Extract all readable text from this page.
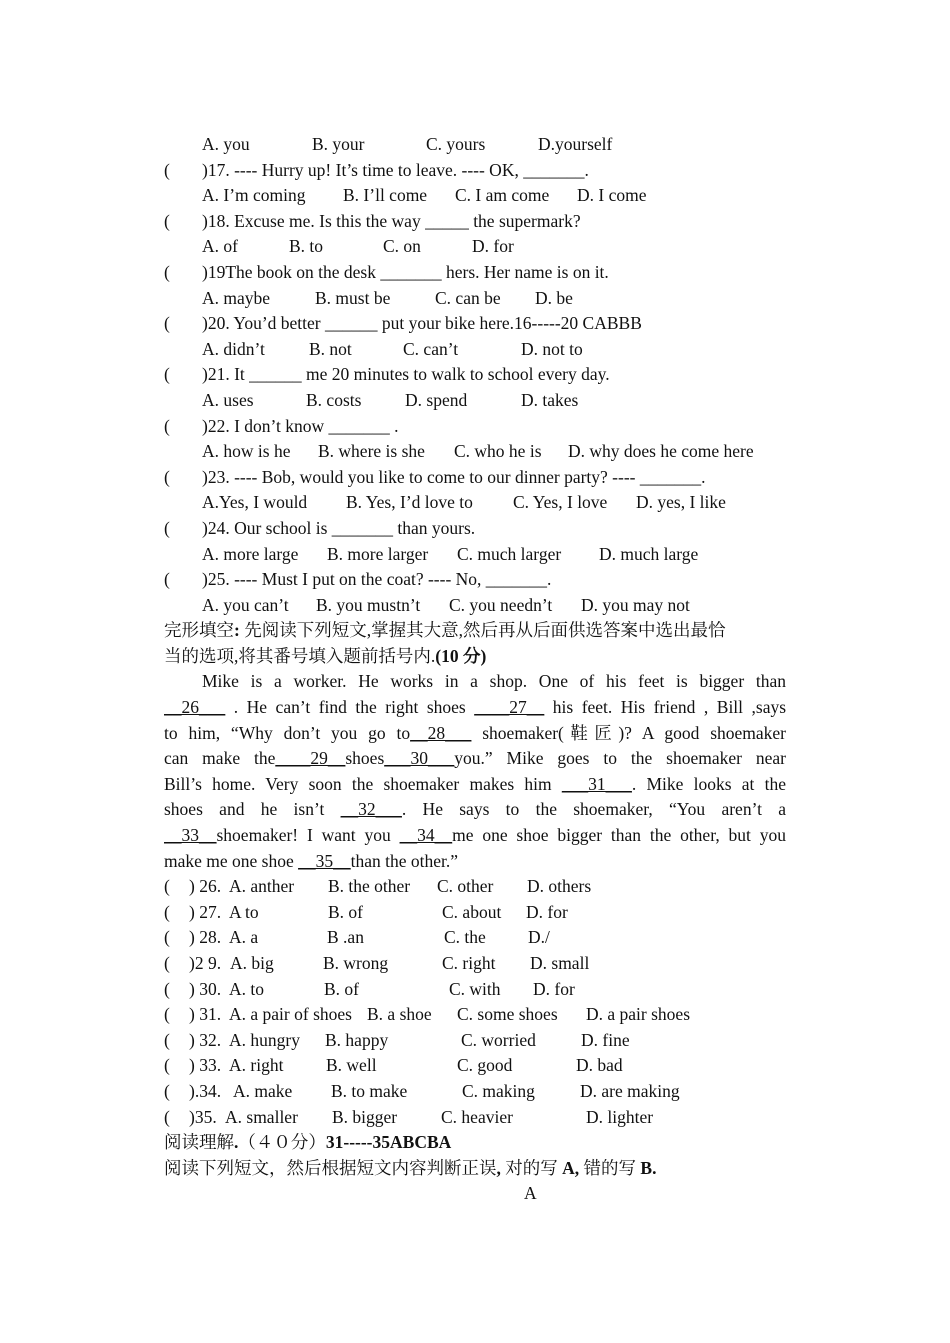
A. you	B. your	C. yours	D.yourself
( )17. ---- Hurry up! It’s time to leave. ---- OK, _______.
A. I’m coming B. I’ll come C. I am come D. I come
( )18. Excuse me. Is this the way _____ the supermark?
A. of	B. to	C. on	D. for
( )19The book on the desk _______ hers. Her name is on it.
A. maybe	B. must be	C. can be D. be
( )20. You’d better ______ put your bike here.16-----20 CABBB
A. didn’t	B. not	C. can’t	D. not to
( )21. It ______ me 20 minutes to walk to school every day.
A. uses	B. costs D. spend	D. takes
( )22. I don’t know _______ .
A. how is he B. where is she C. who he is D. why does he come here
( )23. ---- Bob, would you like to come to our dinner party? ---- _______.
A.Yes, I would B. Yes, I’d love to C. Yes, I love D. yes, I like
( )24. Our school is _______ than yours.
A. more large B. more larger C. much larger D. much large
( )25. ---- Must I put on the coat? ---- No, _______.
A. you can’t B. you mustn’t C. you needn’t D. you may not
完形填空: 先阅读下列短文,掌握其大意,然后再从后面供选答案中选出最恰
当的选项,将其番号填入题前括号内.(10 分)
Mike is a worker. He works in a shop. One of his feet is bigger than
__26___ . He can’t find the right shoes ____27__ his feet. His friend , Bill ,says
to him, “Why don’t you go to__28___ shoemaker(鞋匠)? A good shoemaker
can make the____29__shoes___30___you.” Mike goes to the shoemaker near
Bill’s home. Very soon the shoemaker makes him ___31___. Mike looks at the
shoes and he isn’t __32___. He says to the shoemaker, “You aren’t a
__33__shoemaker! I want you __34__me one shoe bigger than the other, but you
make me one shoe __35__than the other.”
( ) 26. A. anther B. the other C. other D. others
( ) 27. A to	B. of	C. about D. for
( ) 28. A. a	B .an	C. the D./
( )2 9. A. big	B. wrong	C. right D. small
( ) 30. A. to	B. of	C. with D. for
( ) 31. A. a pair of shoes B. a shoe C. some shoes D. a pair shoes
( ) 32. A. hungry B. happy	C. worried	D. fine
( ) 33. A. right B. well	C. good	D. bad
( ).34. A. make B. to make	C. making	D. are making
( )35. A. smaller B. bigger	C. heavier	D. lighter
阅读理解.（４０分）31-----35ABCBA
阅读下列短文，然后根据短文内容判断正误, 对的写 A, 错的写 B.
A
